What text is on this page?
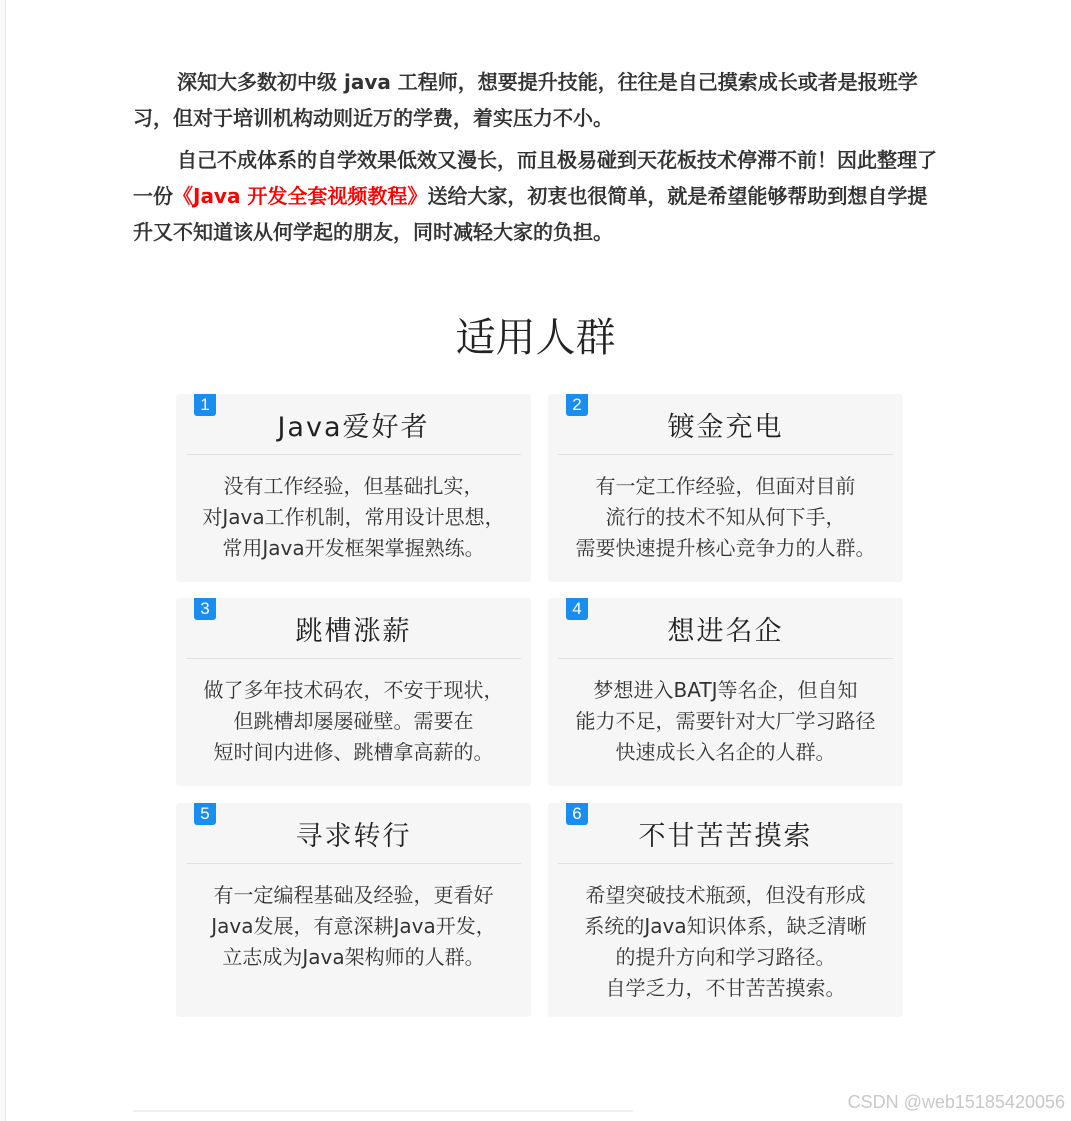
深知大多数初中级 java 工程师，想要提升技能，往往是自己摸索成长或者是报班学习，但对于培训机构动则近万的学费，着实压力不小。

自己不成体系的自学效果低效又漫长，而且极易碰到天花板技术停滞不前！因此整理了一份《Java 开发全套视频教程》送给大家，初衷也很简单，就是希望能够帮助到想自学提升又不知道该从何学起的朋友，同时减轻大家的负担。

适用人群
1
Java爱好者
没有工作经验，但基础扎实，
对Java工作机制，常用设计思想，
常用Java开发框架掌握熟练。
2
镀金充电
有一定工作经验，但面对目前
流行的技术不知从何下手，
需要快速提升核心竞争力的人群。
3
跳槽涨薪
做了多年技术码农，不安于现状，
但跳槽却屡屡碰壁。需要在
短时间内进修、跳槽拿高薪的。
4
想进名企
梦想进入BATJ等名企，但自知
能力不足，需要针对大厂学习路径
快速成长入名企的人群。
5
寻求转行
有一定编程基础及经验，更看好
Java发展，有意深耕Java开发，
立志成为Java架构师的人群。
6
不甘苦苦摸索
希望突破技术瓶颈，但没有形成
系统的Java知识体系，缺乏清晰
的提升方向和学习路径。
自学乏力，不甘苦苦摸索。
CSDN @web15185420056
